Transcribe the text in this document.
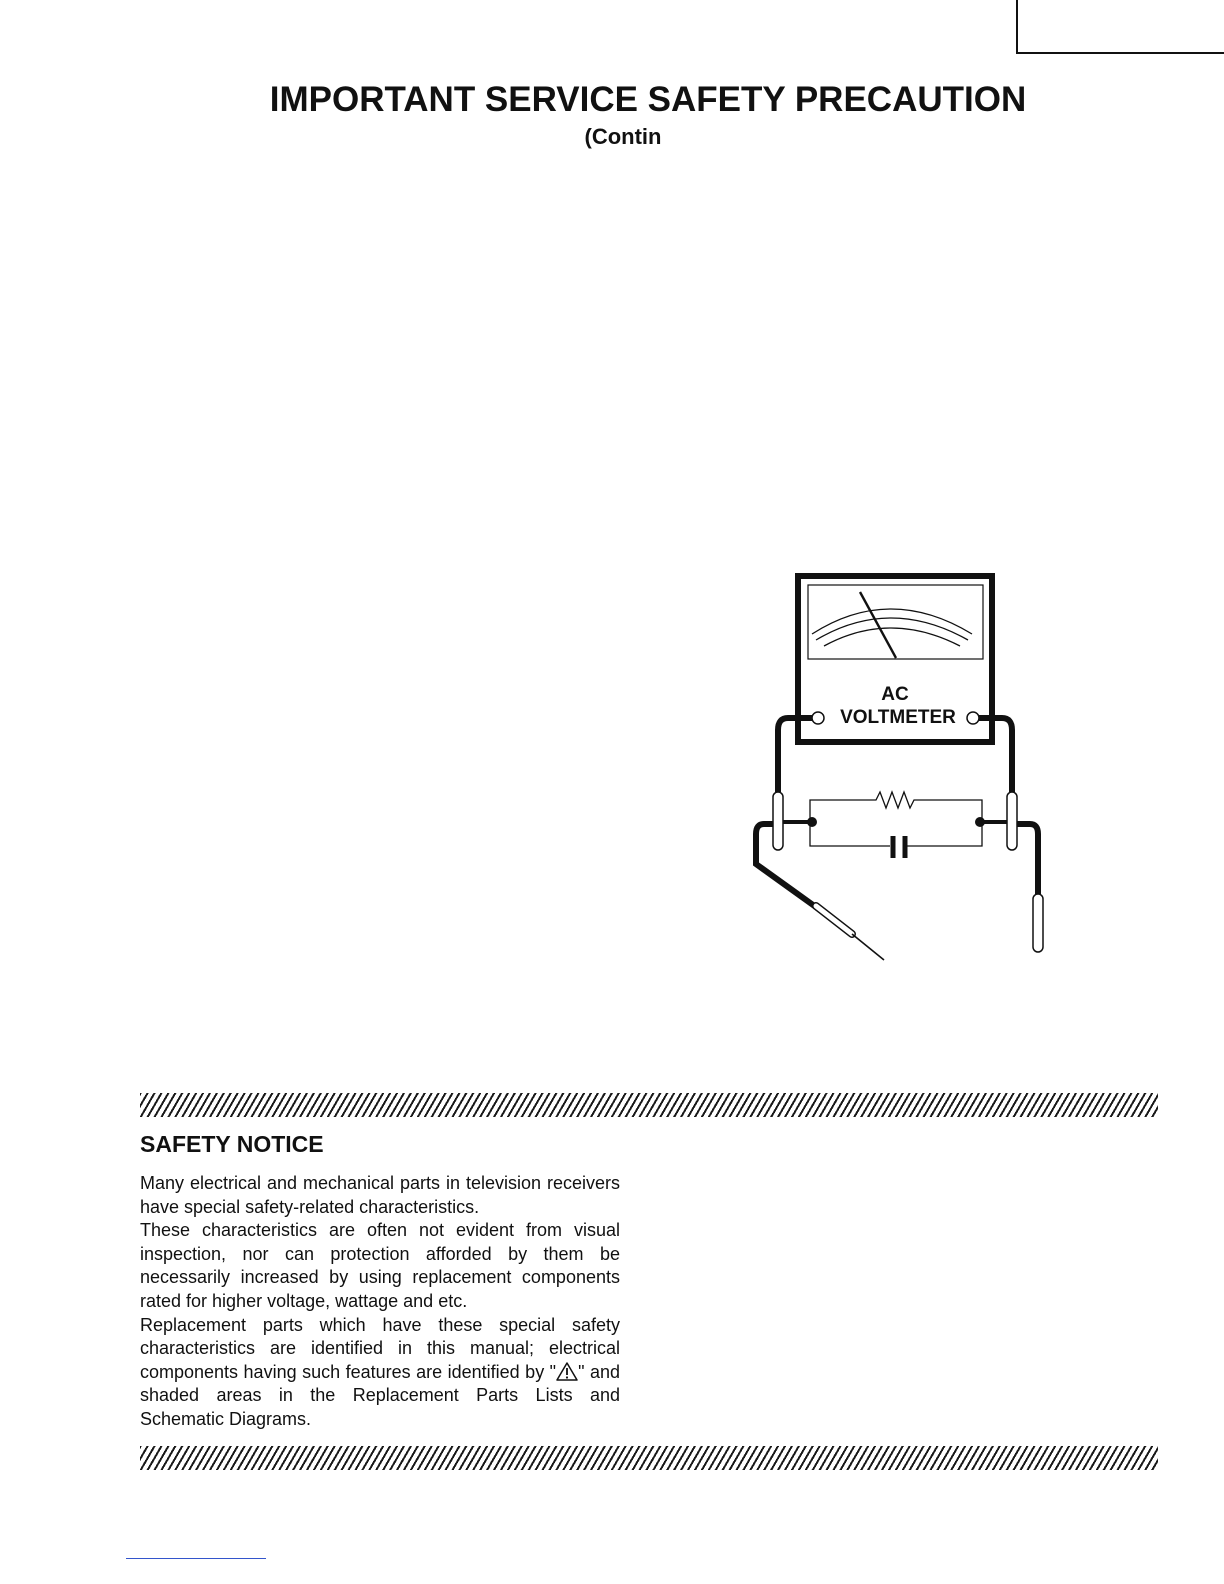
IMPORTANT SERVICE SAFETY PRECAUTION

(Contin

AC
VOLTMETER
SAFETY NOTICE
Many electrical and mechanical parts in television receivers have special safety-related characteristics.
These characteristics are often not evident from visual inspection, nor can protection afforded by them be necessarily increased by using replacement components rated for higher voltage, wattage and etc.
Replacement parts which have these special safety characteristics are identified in this manual; electrical components having such features are identified by " " and shaded areas in the Replacement Parts Lists and Schematic Diagrams.
